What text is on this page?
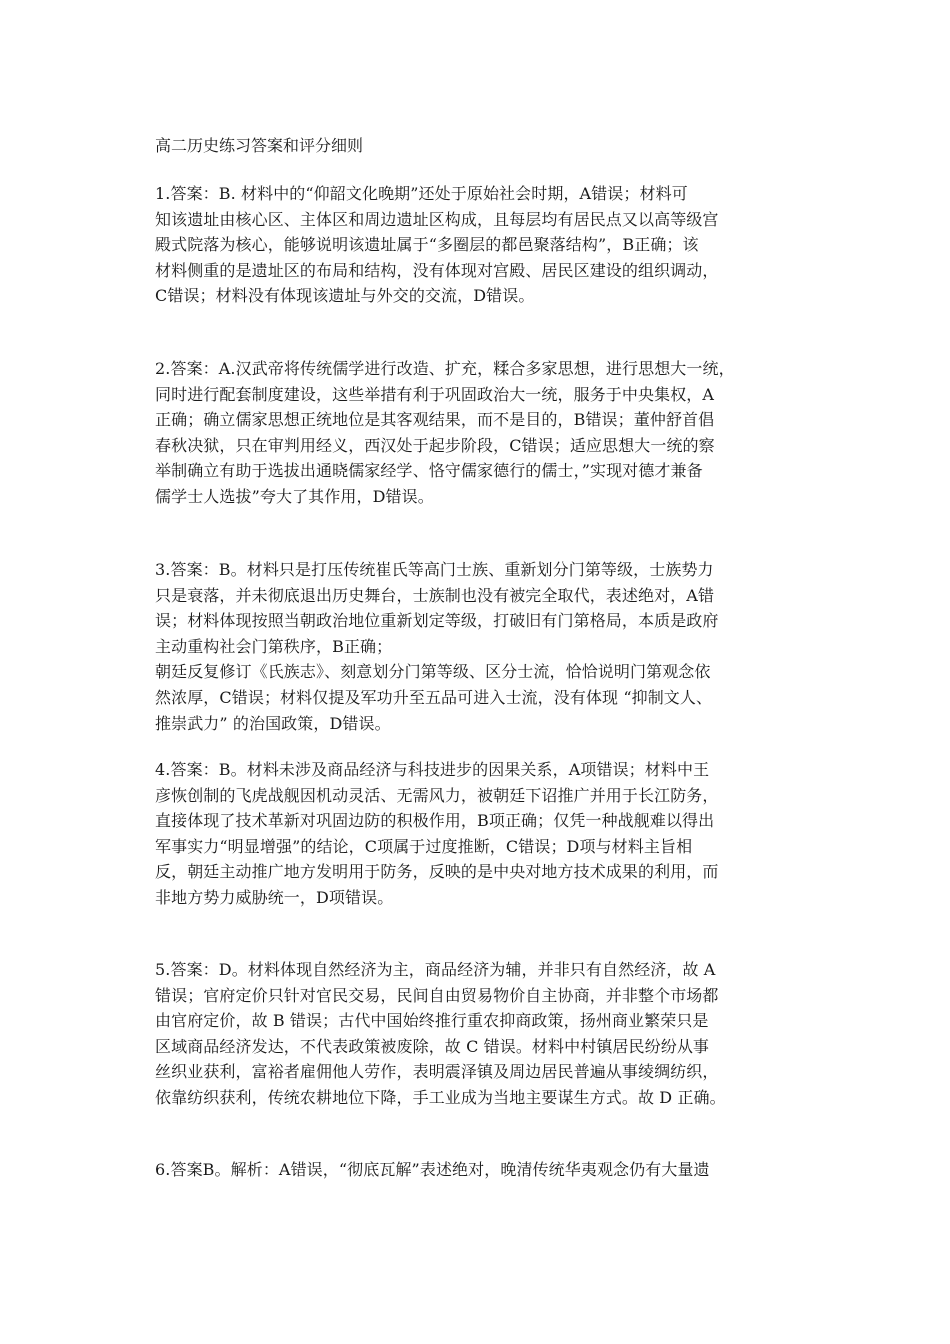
高二历史练习答案和评分细则
1.答案：B. 材料中的“仰韶文化晚期”还处于原始社会时期，A错误；材料可
知该遗址由核心区、主体区和周边遗址区构成，且每层均有居民点又以高等级宫
殿式院落为核心，能够说明该遗址属于“多圈层的都邑聚落结构”，B正确；该
材料侧重的是遗址区的布局和结构，没有体现对宫殿、居民区建设的组织调动，
C错误；材料没有体现该遗址与外交的交流，D错误。
2.答案：A.汉武帝将传统儒学进行改造、扩充，糅合多家思想，进行思想大一统，
同时进行配套制度建设，这些举措有利于巩固政治大一统，服务于中央集权，A
正确；确立儒家思想正统地位是其客观结果，而不是目的，B错误；董仲舒首倡
春秋决狱，只在审判用经义，西汉处于起步阶段，C错误；适应思想大一统的察
举制确立有助于选拔出通晓儒家经学、恪守儒家德行的儒士，”实现对德才兼备
儒学士人选拔”夸大了其作用，D错误。
3.答案：B。材料只是打压传统崔氏等高门士族、重新划分门第等级，士族势力
只是衰落，并未彻底退出历史舞台，士族制也没有被完全取代，表述绝对，A错
误；材料体现按照当朝政治地位重新划定等级，打破旧有门第格局，本质是政府
主动重构社会门第秩序，B正确；
朝廷反复修订《氏族志》、刻意划分门第等级、区分士流，恰恰说明门第观念依
然浓厚，C错误；材料仅提及军功升至五品可进入士流，没有体现 “抑制文人、
推崇武力” 的治国政策，D错误。
4.答案：B。材料未涉及商品经济与科技进步的因果关系，A项错误；材料中王
彦恢创制的飞虎战舰因机动灵活、无需风力，被朝廷下诏推广并用于长江防务，
直接体现了技术革新对巩固边防的积极作用，B项正确；仅凭一种战舰难以得出
军事实力“明显增强”的结论，C项属于过度推断，C错误；D项与材料主旨相
反，朝廷主动推广地方发明用于防务，反映的是中央对地方技术成果的利用，而
非地方势力威胁统一，D项错误。
5.答案：D。材料体现自然经济为主，商品经济为辅，并非只有自然经济，故 A
错误；官府定价只针对官民交易，民间自由贸易物价自主协商，并非整个市场都
由官府定价，故 B 错误；古代中国始终推行重农抑商政策，扬州商业繁荣只是
区域商品经济发达，不代表政策被废除，故 C 错误。材料中村镇居民纷纷从事
丝织业获利，富裕者雇佣他人劳作，表明震泽镇及周边居民普遍从事绫绸纺织，
依靠纺织获利，传统农耕地位下降，手工业成为当地主要谋生方式。故 D 正确。
6.答案B。解析：A错误，“彻底瓦解”表述绝对，晚清传统华夷观念仍有大量遗
